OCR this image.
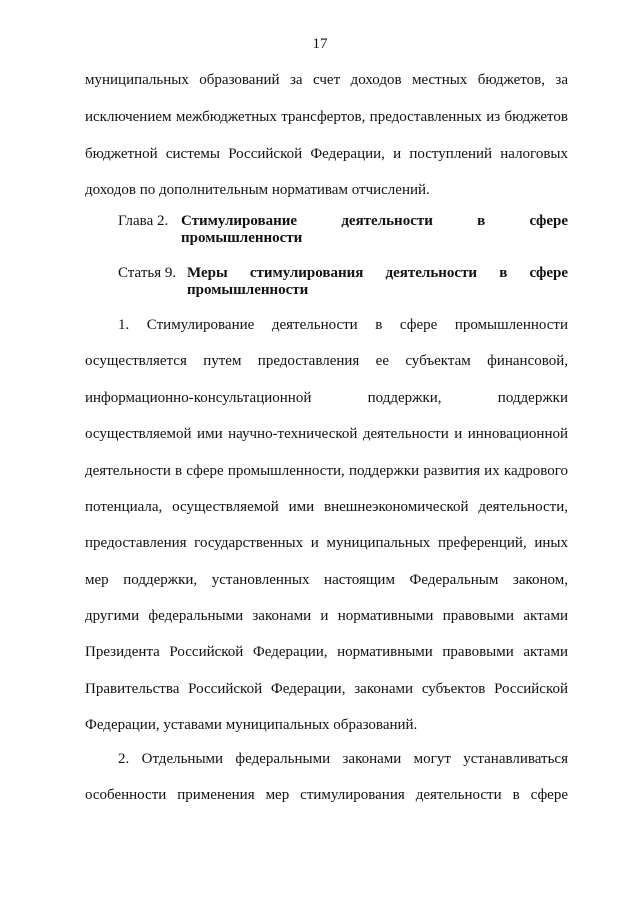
17
муниципальных образований за счет доходов местных бюджетов, за
исключением межбюджетных трансфертов, предоставленных из бюджетов
бюджетной системы Российской Федерации, и поступлений налоговых
доходов по дополнительным нормативам отчислений.
Глава 2. Стимулирование деятельности в сфере
промышленности
Статья 9. Меры стимулирования деятельности в сфере
промышленности
1. Стимулирование деятельности в сфере промышленности
осуществляется путем предоставления ее субъектам финансовой,
информационно-консультационной поддержки, поддержки
осуществляемой ими научно-технической деятельности и инновационной
деятельности в сфере промышленности, поддержки развития их кадрового
потенциала, осуществляемой ими внешнеэкономической деятельности,
предоставления государственных и муниципальных преференций, иных
мер поддержки, установленных настоящим Федеральным законом,
другими федеральными законами и нормативными правовыми актами
Президента Российской Федерации, нормативными правовыми актами
Правительства Российской Федерации, законами субъектов Российской
Федерации, уставами муниципальных образований.
2. Отдельными федеральными законами могут устанавливаться
особенности применения мер стимулирования деятельности в сфере
